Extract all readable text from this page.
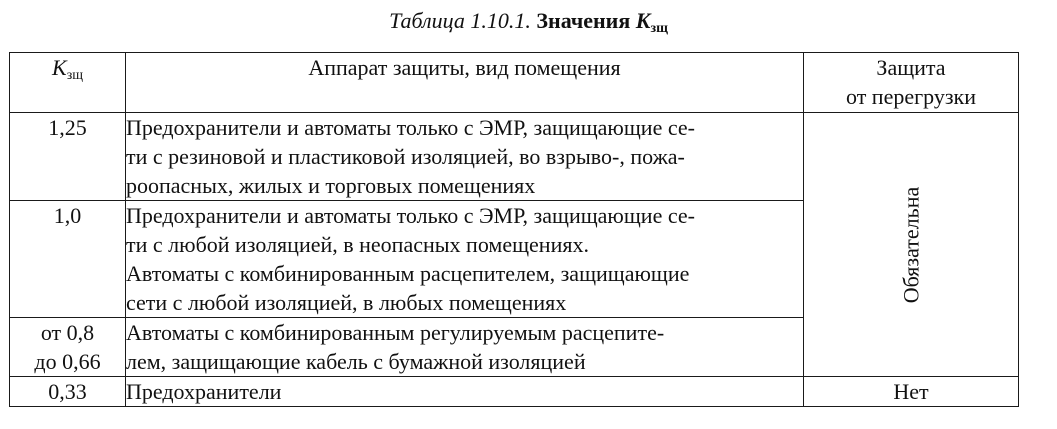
Таблица 1.10.1. Значения $K_{зщ}$
$K_{зщ}$	Аппарат защиты, вид помещения	Защита
от перегрузки

1,25	Предохранители и автоматы только с ЭМР, защищающие се-
ти с резиновой и пластиковой изоляцией, во взрыво-, пожа-
роопасных, жилых и торговых помещениях	Обязательна

1,0	Предохранители и автоматы только с ЭМР, защищающие се-
ти с любой изоляцией, в неопасных помещениях.
Автоматы с комбинированным расцепителем, защищающие
сети с любой изоляцией, в любых помещениях	

от 0,8
до 0,66	Автоматы с комбинированным регулируемым расцепите-
лем, защищающие кабель с бумажной изоляцией	

0,33	Предохранители	Нет
